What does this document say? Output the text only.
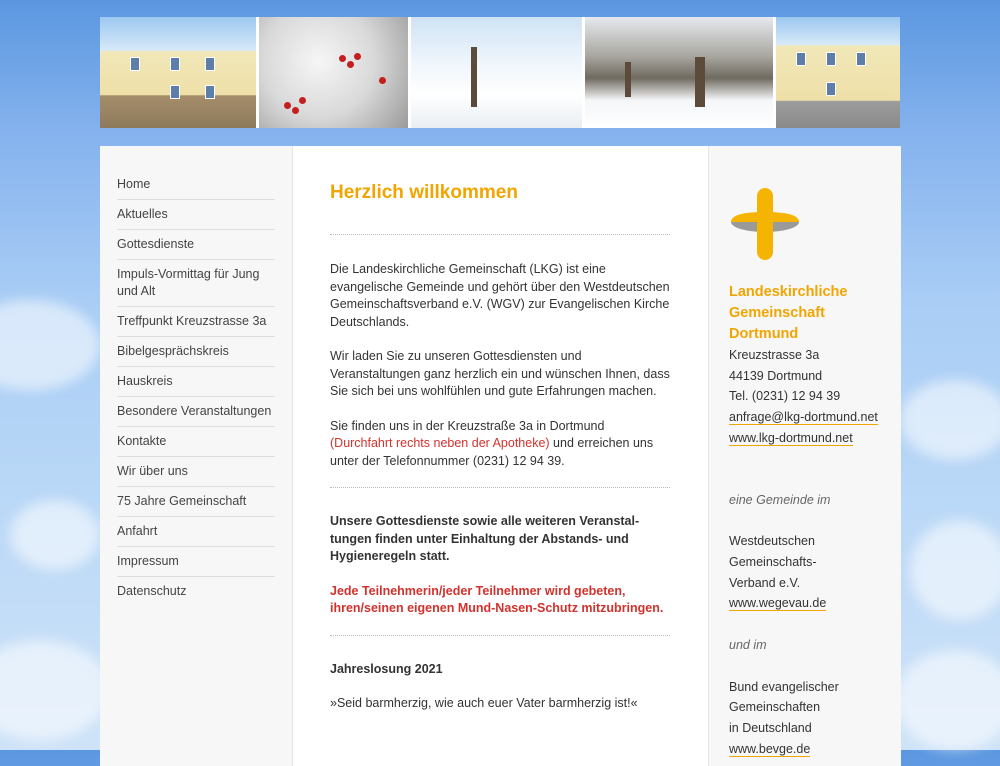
Home
Aktuelles
Gottesdienste
Impuls-Vormittag für Jung und Alt
Treffpunkt Kreuzstrasse 3a
Bibelgesprächskreis
Hauskreis
Besondere Veranstaltungen
Kontakte
Wir über uns
75 Jahre Gemeinschaft
Anfahrt
Impressum
Datenschutz
Herzlich willkommen

Die Landeskirchliche Gemeinschaft (LKG) ist eine evangelische Gemeinde und gehört über den Westdeutschen Gemeinschaftsverband e.V. (WGV) zur Evangelischen Kirche Deutschlands.

Wir laden Sie zu unseren Gottesdiensten und Veranstaltungen ganz herzlich ein und wünschen Ihnen, dass Sie sich bei uns wohlfühlen und gute Erfahrungen machen.

Sie finden uns in der Kreuzstraße 3a in Dortmund (Durchfahrt rechts neben der Apotheke) und erreichen uns unter der Telefonnummer (0231) 12 94 39.

Unsere Gottesdienste sowie alle weiteren Veranstal-tungen finden unter Einhaltung der Abstands- und Hygieneregeln statt.

Jede Teilnehmerin/jeder Teilnehmer wird gebeten, ihren/seinen eigenen Mund-Nasen-Schutz mitzubringen.

Jahreslosung 2021

»Seid barmherzig, wie auch euer Vater barmherzig ist!«

Landeskirchliche
Gemeinschaft
Dortmund
Kreuzstrasse 3a
44139 Dortmund
Tel. (0231) 12 94 39
anfrage@lkg-dortmund.net
www.lkg-dortmund.net
eine Gemeinde im
Westdeutschen
Gemeinschafts-
Verband e.V.
www.wegevau.de
und im
Bund evangelischer
Gemeinschaften
in Deutschland
www.bevge.de
